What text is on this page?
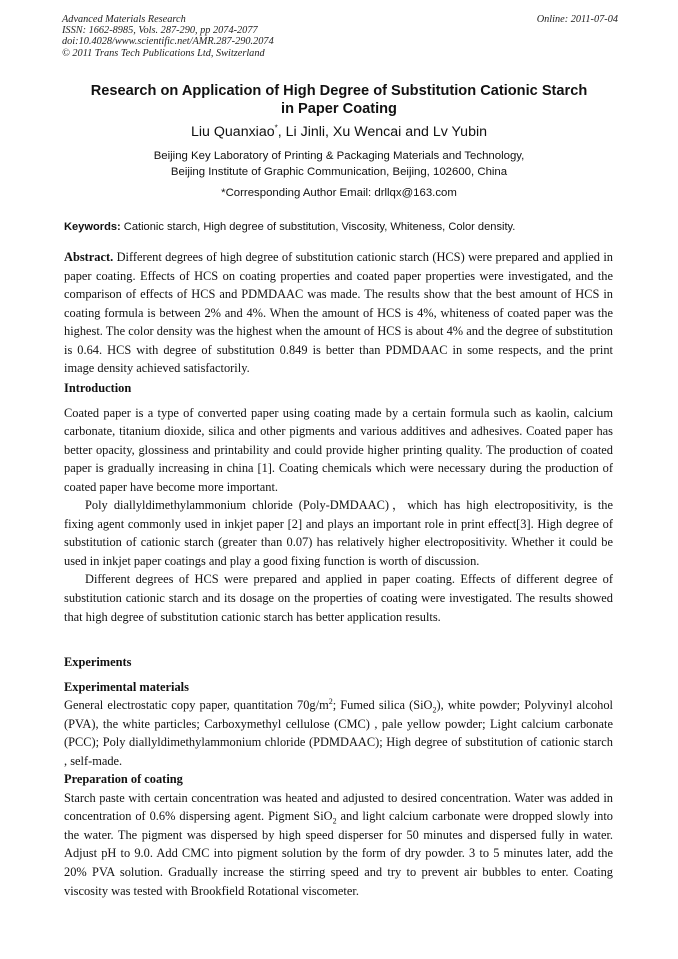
Advanced Materials Research
ISSN: 1662-8985, Vols. 287-290, pp 2074-2077
doi:10.4028/www.scientific.net/AMR.287-290.2074
© 2011 Trans Tech Publications Ltd, Switzerland
Online: 2011-07-04
Research on Application of High Degree of Substitution Cationic Starch
in Paper Coating
Liu Quanxiao*, Li Jinli, Xu Wencai and Lv Yubin
Beijing Key Laboratory of Printing & Packaging Materials and Technology,
Beijing Institute of Graphic Communication, Beijing, 102600, China
*Corresponding Author Email: drllqx@163.com
Keywords: Cationic starch, High degree of substitution, Viscosity, Whiteness, Color density.

Abstract. Different degrees of high degree of substitution cationic starch (HCS) were prepared and applied in paper coating. Effects of HCS on coating properties and coated paper properties were investigated, and the comparison of effects of HCS and PDMDAAC was made. The results show that the best amount of HCS in coating formula is between 2% and 4%. When the amount of HCS is 4%, whiteness of coated paper was the highest. The color density was the highest when the amount of HCS is about 4% and the degree of substitution is 0.64. HCS with degree of substitution 0.849 is better than PDMDAAC in some respects, and the print image density achieved satisfactorily.

Introduction

Coated paper is a type of converted paper using coating made by a certain formula such as kaolin, calcium carbonate, titanium dioxide, silica and other pigments and various additives and adhesives. Coated paper has better opacity, glossiness and printability and could provide higher printing quality. The production of coated paper is gradually increasing in china [1]. Coating chemicals which were necessary during the production of coated paper have become more important.

Poly diallyldimethylammonium chloride (Poly-DMDAAC)，which has high electropositivity, is the fixing agent commonly used in inkjet paper [2] and plays an important role in print effect[3]. High degree of substitution of cationic starch (greater than 0.07) has relatively higher electropositivity. Whether it could be used in inkjet paper coatings and play a good fixing function is worth of discussion.

Different degrees of HCS were prepared and applied in paper coating. Effects of different degree of substitution cationic starch and its dosage on the properties of coating were investigated. The results showed that high degree of substitution cationic starch has better application results.

Experiments

Experimental materials

General electrostatic copy paper, quantitation $70g/m^2$; Fumed silica (SiO$_2$), white powder; Polyvinyl alcohol (PVA), the white particles; Carboxymethyl cellulose (CMC) , pale yellow powder; Light calcium carbonate (PCC); Poly diallyldimethylammonium chloride (PDMDAAC); High degree of substitution of cationic starch , self-made.

Preparation of coating

Starch paste with certain concentration was heated and adjusted to desired concentration. Water was added in concentration of 0.6% dispersing agent. Pigment SiO$_2$ and light calcium carbonate were dropped slowly into the water. The pigment was dispersed by high speed disperser for 50 minutes and dispersed fully in water. Adjust pH to 9.0. Add CMC into pigment solution by the form of dry powder. 3 to 5 minutes later, add the 20% PVA solution. Gradually increase the stirring speed and try to prevent air bubbles to enter. Coating viscosity was tested with Brookfield Rotational viscometer.
